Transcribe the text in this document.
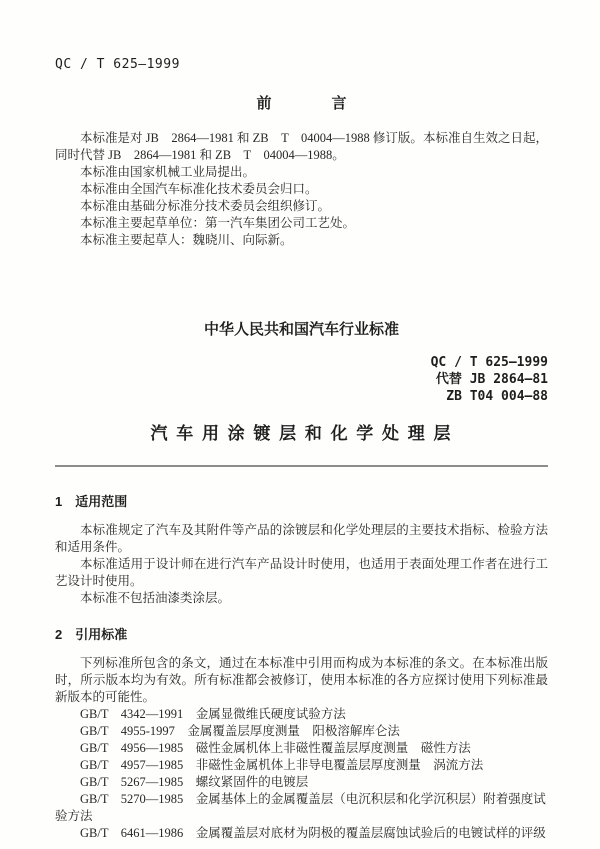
QC / T 625—1999
前　　　　言

本标准是对 JB　2864—1981 和 ZB　T　04004—1988 修订版。本标准自生效之日起，同时代替 JB　2864—1981 和 ZB　T　04004—1988。

本标准由国家机械工业局提出。

本标准由全国汽车标准化技术委员会归口。

本标准由基础分标准分技术委员会组织修订。

本标准主要起草单位：第一汽车集团公司工艺处。

本标准主要起草人：魏晓川、向际新。

中华人民共和国汽车行业标准
QC / T 625—1999
代替 JB 2864—81
ZB T04 004—88
汽 车 用 涂 镀 层 和 化 学 处 理 层
1　适用范围

本标准规定了汽车及其附件等产品的涂镀层和化学处理层的主要技术指标、检验方法和适用条件。

本标准适用于设计师在进行汽车产品设计时使用，也适用于表面处理工作者在进行工艺设计时使用。

本标准不包括油漆类涂层。

2　引用标准

下列标准所包含的条文，通过在本标准中引用而构成为本标准的条文。在本标准出版时，所示版本均为有效。所有标准都会被修订，使用本标准的各方应探讨使用下列标准最新版本的可能性。

GB/T　4342—1991　金属显微维氏硬度试验方法

GB/T　4955-1997　金属覆盖层厚度测量　阳极溶解库仑法

GB/T　4956—1985　磁性金属机体上非磁性覆盖层厚度测量　磁性方法

GB/T　4957—1985　非磁性金属机体上非导电覆盖层厚度测量　涡流方法

GB/T　5267—1985　螺纹紧固件的电镀层

GB/T　5270—1985　金属基体上的金属覆盖层（电沉积层和化学沉积层）附着强度试验方法

GB/T　6461—1986　金属覆盖层对底材为阴极的覆盖层腐蚀试验后的电镀试样的评级
